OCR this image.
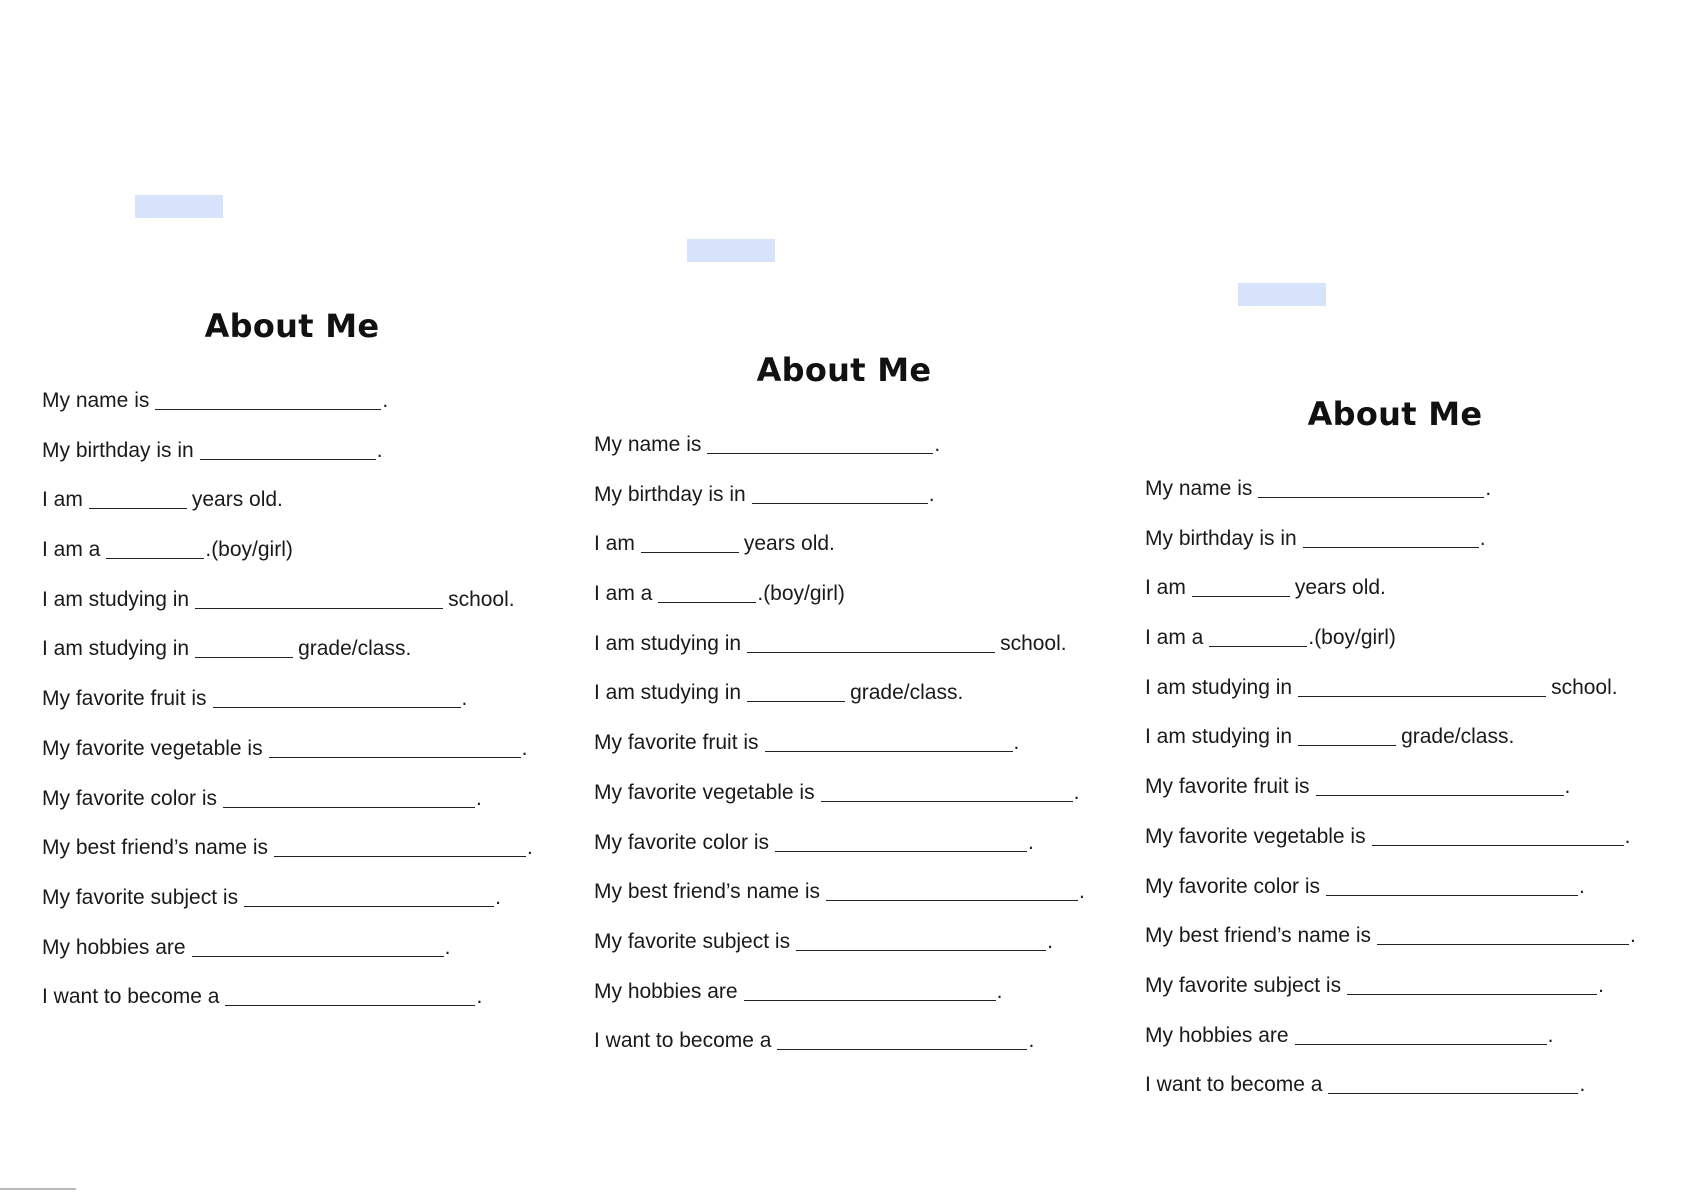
About Me
My name is	.
My birthday is in	.
I am	years old.
I am a	.(boy/girl)
I am studying in	school.
I am studying in	grade/class.
My favorite fruit is	.
My favorite vegetable is	.
My favorite color is	.
My best friend’s name is	.
My favorite subject is	.
My hobbies are	.
I want to become a	.
About Me
My name is	.
My birthday is in	.
I am	years old.
I am a	.(boy/girl)
I am studying in	school.
I am studying in	grade/class.
My favorite fruit is	.
My favorite vegetable is	.
My favorite color is	.
My best friend’s name is	.
My favorite subject is	.
My hobbies are	.
I want to become a	.
About Me
My name is	.
My birthday is in	.
I am	years old.
I am a	.(boy/girl)
I am studying in	school.
I am studying in	grade/class.
My favorite fruit is	.
My favorite vegetable is	.
My favorite color is	.
My best friend’s name is	.
My favorite subject is	.
My hobbies are	.
I want to become a	.
